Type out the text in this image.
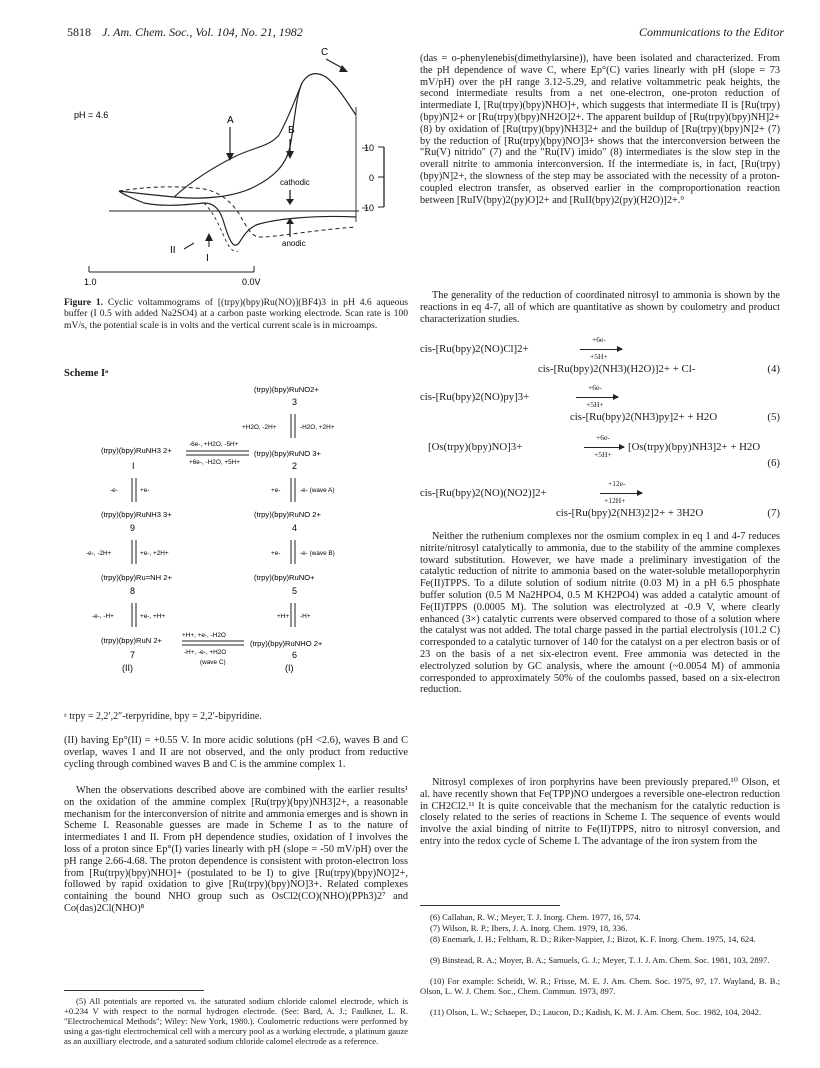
5818 J. Am. Chem. Soc., Vol. 104, No. 21, 1982	Communications to the Editor
pH = 4.6	A
B
C
I
II
cathodic
anodic
10
0
10
1.0	0.0V
Figure 1. Cyclic voltammograms of [(trpy)(bpy)Ru(NO)](BF4)3 in pH 4.6 aqueous buffer (I 0.5 with added Na2SO4) at a carbon paste working electrode. Scan rate is 100 mV/s, the potential scale is in volts and the vertical current scale is in microamps.
Scheme Iᵃ
(trpy)(bpy)RuNO2+
3
+H2O, -2H+	-H2O, +2H+
(trpy)(bpy)RuNH3 2+
I
-6e-, +H2O, -5H+
+6e-, -H2O, +5H+
(trpy)(bpy)RuNO 3+
2
-e-	+e-	+e-	-e- (wave A)
(trpy)(bpy)RuNH3 3+
9
(trpy)(bpy)RuNO 2+
4
-e-, -2H+	+e-, +2H+	+e-	-e- (wave B)
(trpy)(bpy)Ru=NH 2+
8
(trpy)(bpy)RuNO+
5
-e-, -H+	+e-, +H+	+H+ -H+
(trpy)(bpy)RuN 2+
+H+, +e-, -H2O
-H+, -e-, +H2O
(wave C)
(trpy)(bpy)RuNHO 2+
7	6
(II)	(I)
ᵃ trpy = 2,2′,2″-terpyridine, bpy = 2,2′-bipyridine.

(II) having Ep°(II) = +0.55 V. In more acidic solutions (pH <2.6), waves B and C overlap, waves I and II are not observed, and the only product from reductive cycling through combined waves B and C is the ammine complex 1.

When the observations described above are combined with the earlier results¹ on the oxidation of the ammine complex [Ru(trpy)(bpy)NH3]2+, a reasonable mechanism for the interconversion of nitrite and ammonia emerges and is shown in Scheme I. Reasonable guesses are made in Scheme I as to the nature of intermediates I and II. From pH dependence studies, oxidation of I involves the loss of a proton since Ep°(I) varies linearly with pH (slope = -50 mV/pH) over the pH range 2.66-4.68. The proton dependence is consistent with proton-electron loss from [Ru(trpy)(bpy)NHO]+ (postulated to be I) to give [Ru(trpy)(bpy)NO]2+, followed by rapid oxidation to give [Ru(trpy)(bpy)NO]3+. Related complexes containing the bound NHO group such as OsCl2(CO)(NHO)(PPh3)2⁷ and Co(das)2Cl(NHO)⁸

(5) All potentials are reported vs. the saturated sodium chloride calomel electrode, which is +0.234 V with respect to the normal hydrogen electrode. (See: Bard, A. J.; Faulkner, L. R. "Electrochemical Methods"; Wiley: New York, 1980.). Coulometric reductions were performed by using a gas-tight electrochemical cell with a mercury pool as a working electrode, a platinum gauze as an auxilliary electrode, and a saturated sodium chloride calomel electrode as a reference.

(das = o-phenylenebis(dimethylarsine)), have been isolated and characterized. From the pH dependence of wave C, where Ep°(C) varies linearly with pH (slope = 73 mV/pH) over the pH range 3.12-5.29, and relative voltammetric peak heights, the second intermediate results from a net one-electron, one-proton reduction of intermediate I, [Ru(trpy)(bpy)NHO]+, which suggests that intermediate II is [Ru(trpy)(bpy)N]2+ or [Ru(trpy)(bpy)NH2O]2+. The apparent buildup of [Ru(trpy)(bpy)NH]2+ (8) by oxidation of [Ru(trpy)(bpy)NH3]2+ and the buildup of [Ru(trpy)(bpy)N]2+ (7) by the reduction of [Ru(trpy)(bpy)NO]3+ shows that the interconversion between the "Ru(V) nitrido" (7) and the "Ru(IV) imido" (8) intermediates is the slow step in the overall nitrite to ammonia interconversion. If the intermediate is, in fact, [Ru(trpy)(bpy)N]2+, the slowness of the step may be associated with the necessity of a proton-coupled electron transfer, as observed earlier in the comproportionation reaction between [RuIV(bpy)2(py)O]2+ and [RuII(bpy)2(py)(H2O)]2+.⁹

The generality of the reduction of coordinated nitrosyl to ammonia is shown by the reactions in eq 4-7, all of which are quantitative as shown by coulometry and product characterization studies.

cis-[Ru(bpy)2(NO)Cl]2+
+6e-
+5H+
cis-[Ru(bpy)2(NH3)(H2O)]2+ + Cl-	(4)
cis-[Ru(bpy)2(NO)py]3+
+6e-
+5H+
cis-[Ru(bpy)2(NH3)py]2+ + H2O	(5)
[Os(trpy)(bpy)NO]3+
+6e-
+5H+
[Os(trpy)(bpy)NH3]2+ + H2O
(6)
cis-[Ru(bpy)2(NO)(NO2)]2+
+12e-
+12H+
cis-[Ru(bpy)2(NH3)2]2+ + 3H2O	(7)

Neither the ruthenium complexes nor the osmium complex in eq 1 and 4-7 reduces nitrite/nitrosyl catalytically to ammonia, due to the stability of the ammine complexes toward substitution. However, we have made a preliminary investigation of the catalytic reduction of nitrite to ammonia based on the water-soluble metalloporphyrin Fe(II)TPPS. To a dilute solution of sodium nitrite (0.03 M) in a pH 6.5 phosphate buffer solution (0.5 M Na2HPO4, 0.5 M KH2PO4) was added a catalytic amount of Fe(II)TPPS (0.0005 M). The solution was electrolyzed at -0.9 V, where clearly enhanced (3×) catalytic currents were observed compared to those of a solution where the catalyst was not added. The total charge passed in the partial electrolysis (101.2 C) corresponded to a catalytic turnover of 140 for the catalyst on a per electron basis or of 23 on the basis of a net six-electron event. Free ammonia was detected in the electrolyzed solution by GC analysis, where the amount (~0.0054 M) of ammonia corresponded to approximately 50% of the coulombs passed, based on a six-electron reduction.

Nitrosyl complexes of iron porphyrins have been previously prepared.¹⁰ Olson, et al. have recently shown that Fe(TPP)NO undergoes a reversible one-electron reduction in CH2Cl2.¹¹ It is quite conceivable that the mechanism for the catalytic reduction is closely related to the series of reactions in Scheme I. The sequence of events would involve the axial binding of nitrite to Fe(II)TPPS, nitro to nitrosyl conversion, and entry into the redox cycle of Scheme I. The advantage of the iron system from the

(6) Callahan, R. W.; Meyer, T. J. Inorg. Chem. 1977, 16, 574.

(7) Wilson, R. P.; Ibers, J. A. Inorg. Chem. 1979, 18, 336.

(8) Enemark, J. H.; Feltham, R. D.; Riker-Nappier, J.; Bizot, K. F. Inorg. Chem. 1975, 14, 624.

(9) Binstead, R. A.; Moyer, B. A.; Samuels, G. J.; Meyer, T. J. J. Am. Chem. Soc. 1981, 103, 2897.

(10) For example: Scheidt, W. R.; Frisse, M. E. J. Am. Chem. Soc. 1975, 97, 17. Wayland, B. B.; Olson, L. W. J. Chem. Soc., Chem. Commun. 1973, 897.

(11) Olson, L. W.; Schaeper, D.; Laucon, D.; Kadish, K. M. J. Am. Chem. Soc. 1982, 104, 2042.
